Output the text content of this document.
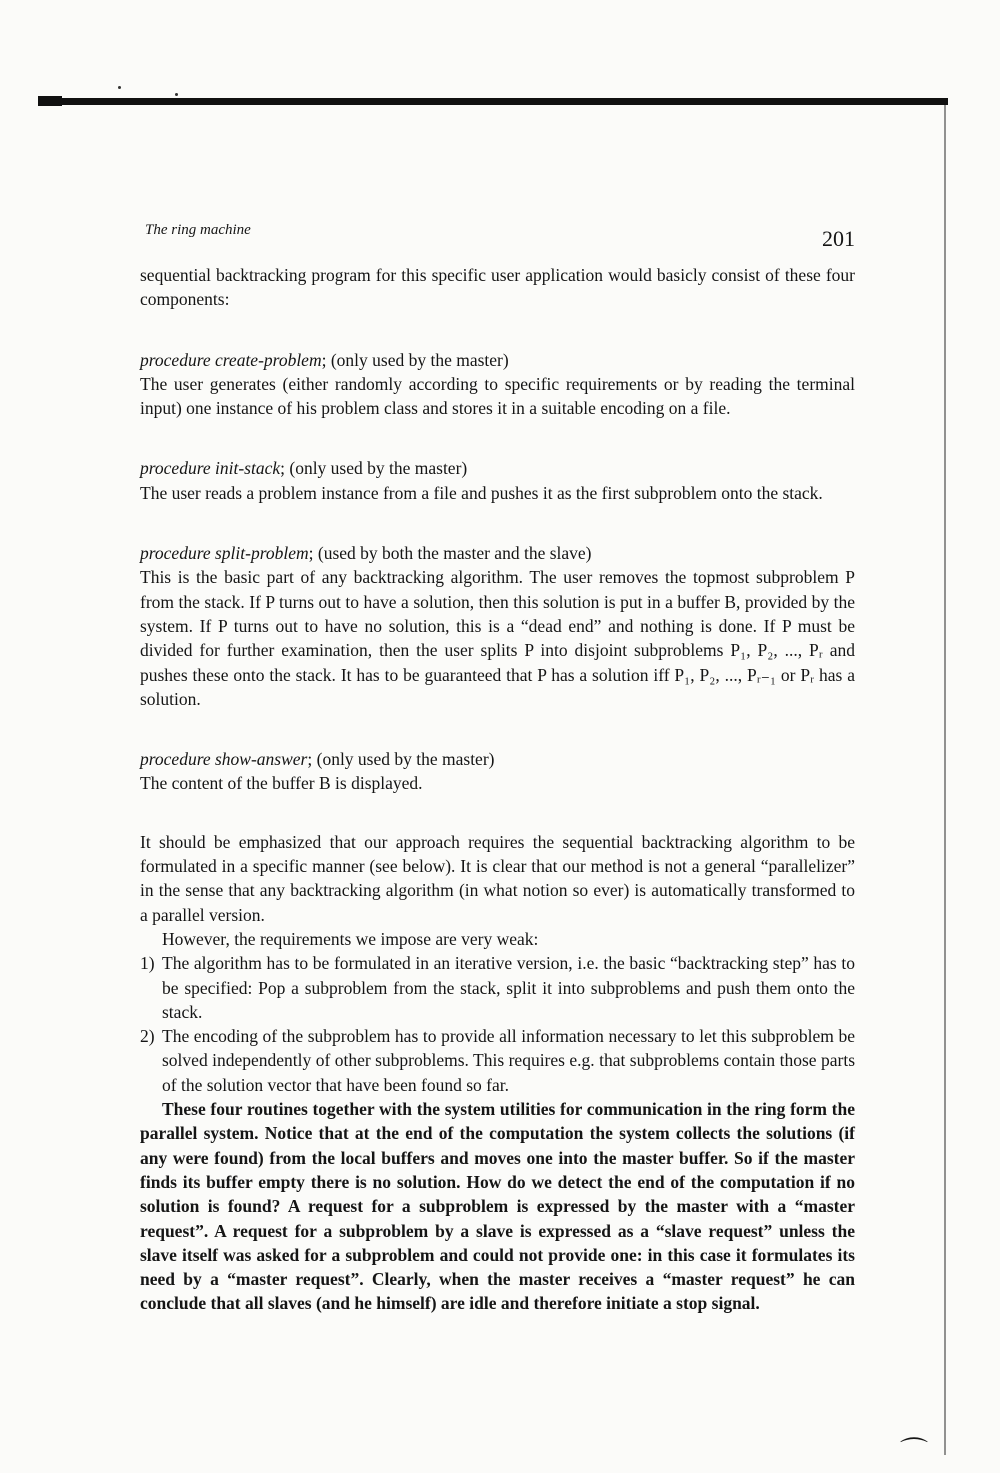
The ring machine	201

sequential backtracking program for this specific user application would basicly consist of these four components:

procedure create-problem; (only used by the master)

The user generates (either randomly according to specific requirements or by reading the terminal input) one instance of his problem class and stores it in a suitable encoding on a file.

procedure init-stack; (only used by the master)

The user reads a problem instance from a file and pushes it as the first subproblem onto the stack.

procedure split-problem; (used by both the master and the slave)

This is the basic part of any backtracking algorithm. The user removes the topmost subproblem P from the stack. If P turns out to have a solution, then this solution is put in a buffer B, provided by the system. If P turns out to have no solution, this is a “dead end” and nothing is done. If P must be divided for further examination, then the user splits P into disjoint subproblems P₁, P₂, ..., Pᵣ and pushes these onto the stack. It has to be guaranteed that P has a solution iff P₁, P₂, ..., Pᵣ₋₁ or Pᵣ has a solution.

procedure show-answer; (only used by the master)

The content of the buffer B is displayed.

It should be emphasized that our approach requires the sequential backtracking algorithm to be formulated in a specific manner (see below). It is clear that our method is not a general “parallelizer” in the sense that any backtracking algorithm (in what notion so ever) is automatically transformed to a parallel version.

However, the requirements we impose are very weak:

1) The algorithm has to be formulated in an iterative version, i.e. the basic “backtracking step” has to be specified: Pop a subproblem from the stack, split it into subproblems and push them onto the stack.
2) The encoding of the subproblem has to provide all information necessary to let this subproblem be solved independently of other subproblems. This requires e.g. that subproblems contain those parts of the solution vector that have been found so far.

These four routines together with the system utilities for communication in the ring form the parallel system. Notice that at the end of the computation the system collects the solutions (if any were found) from the local buffers and moves one into the master buffer. So if the master finds its buffer empty there is no solution. How do we detect the end of the computation if no solution is found? A request for a subproblem is expressed by the master with a “master request”. A request for a subproblem by a slave is expressed as a “slave request” unless the slave itself was asked for a subproblem and could not provide one: in this case it formulates its need by a “master request”. Clearly, when the master receives a “master request” he can conclude that all slaves (and he himself) are idle and therefore initiate a stop signal.

⌒
